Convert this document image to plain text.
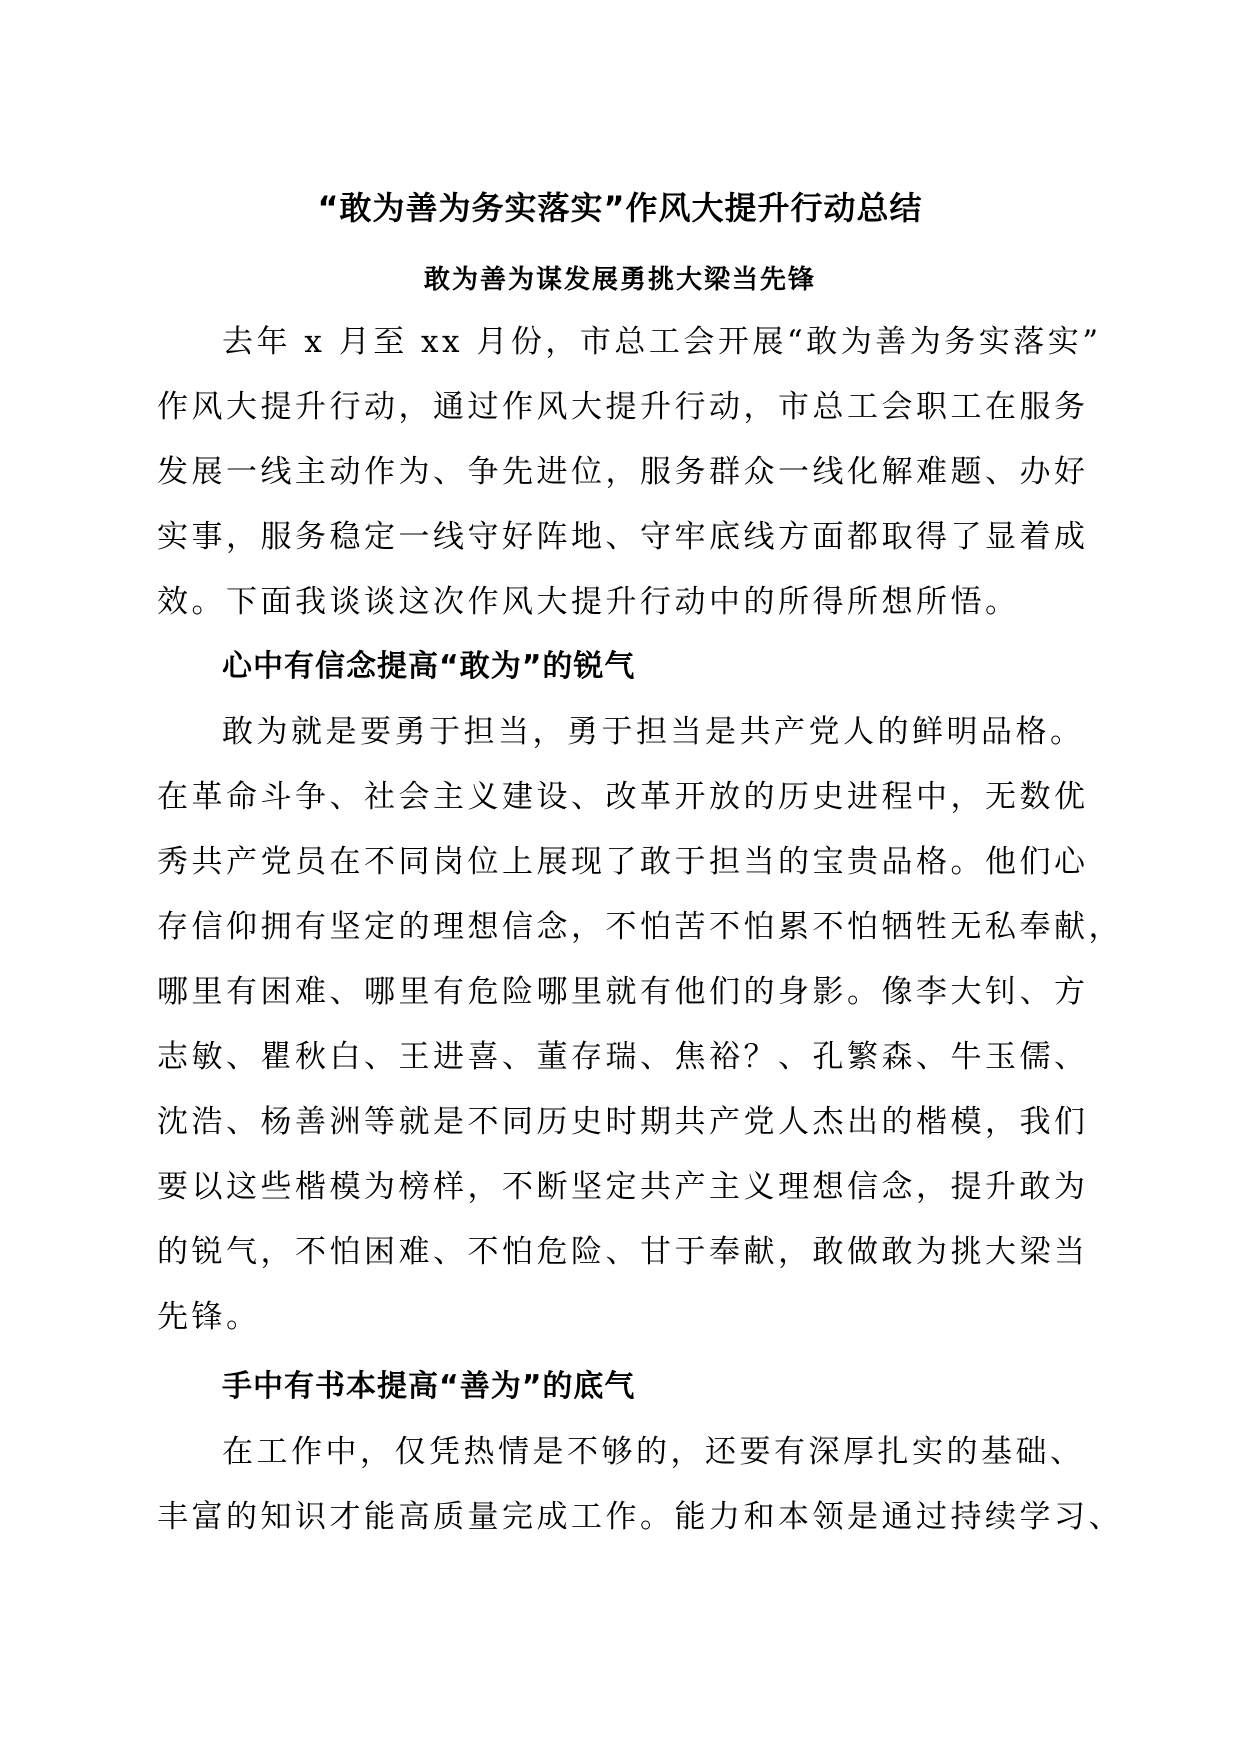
“敢为善为务实落实”作风大提升行动总结
敢为善为谋发展勇挑大梁当先锋
去年 x 月至 xx 月份，市总工会开展“敢为善为务实落实”
作风大提升行动，通过作风大提升行动，市总工会职工在服务
发展一线主动作为、争先进位，服务群众一线化解难题、办好
实事，服务稳定一线守好阵地、守牢底线方面都取得了显着成
效。下面我谈谈这次作风大提升行动中的所得所想所悟。
心中有信念提高“敢为”的锐气
敢为就是要勇于担当，勇于担当是共产党人的鲜明品格。
在革命斗争、社会主义建设、改革开放的历史进程中，无数优
秀共产党员在不同岗位上展现了敢于担当的宝贵品格。他们心
存信仰拥有坚定的理想信念，不怕苦不怕累不怕牺牲无私奉献，
哪里有困难、哪里有危险哪里就有他们的身影。像李大钊、方
志敏、瞿秋白、王进喜、董存瑞、焦裕？、孔繁森、牛玉儒、
沈浩、杨善洲等就是不同历史时期共产党人杰出的楷模，我们
要以这些楷模为榜样，不断坚定共产主义理想信念，提升敢为
的锐气，不怕困难、不怕危险、甘于奉献，敢做敢为挑大梁当
先锋。
手中有书本提高“善为”的底气
在工作中，仅凭热情是不够的，还要有深厚扎实的基础、
丰富的知识才能高质量完成工作。能力和本领是通过持续学习、
